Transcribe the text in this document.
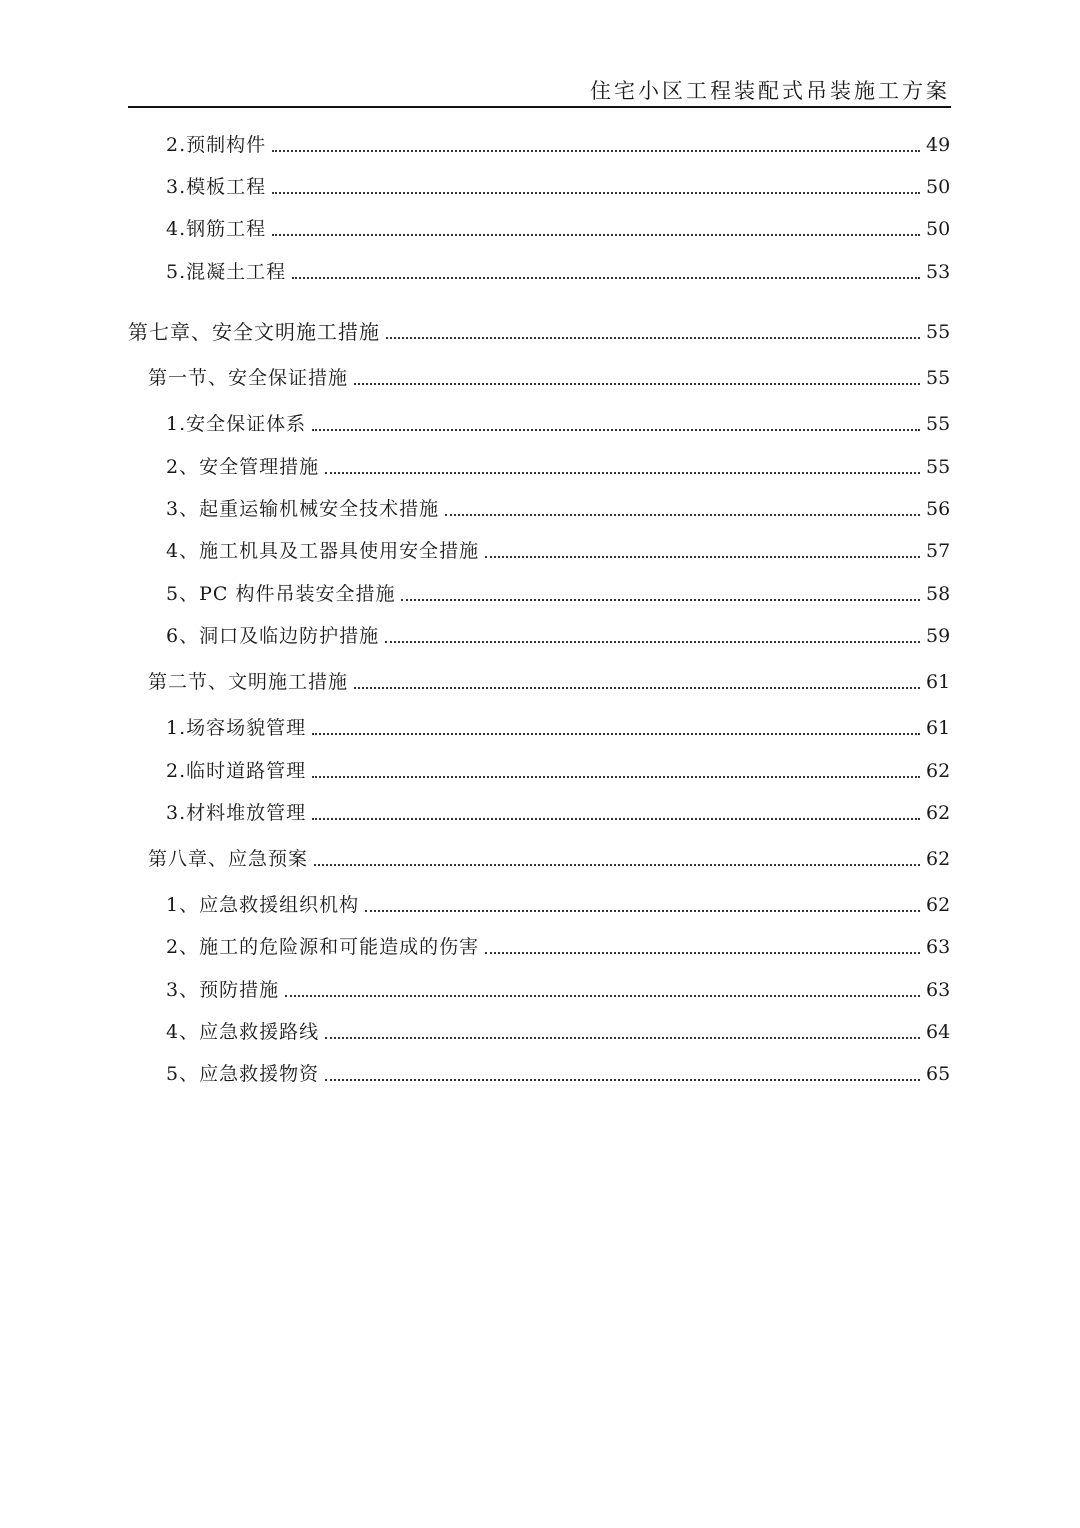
住宅小区工程装配式吊装施工方案
2.预制构件	49
3.模板工程	50
4.钢筋工程	50
5.混凝土工程	53
第七章、安全文明施工措施	55
第一节、安全保证措施	55
1.安全保证体系	55
2、安全管理措施	55
3、起重运输机械安全技术措施	56
4、施工机具及工器具使用安全措施	57
5、PC 构件吊装安全措施	58
6、洞口及临边防护措施	59
第二节、文明施工措施	61
1.场容场貌管理	61
2.临时道路管理	62
3.材料堆放管理	62
第八章、应急预案	62
1、应急救援组织机构	62
2、施工的危险源和可能造成的伤害	63
3、预防措施	63
4、应急救援路线	64
5、应急救援物资	65
